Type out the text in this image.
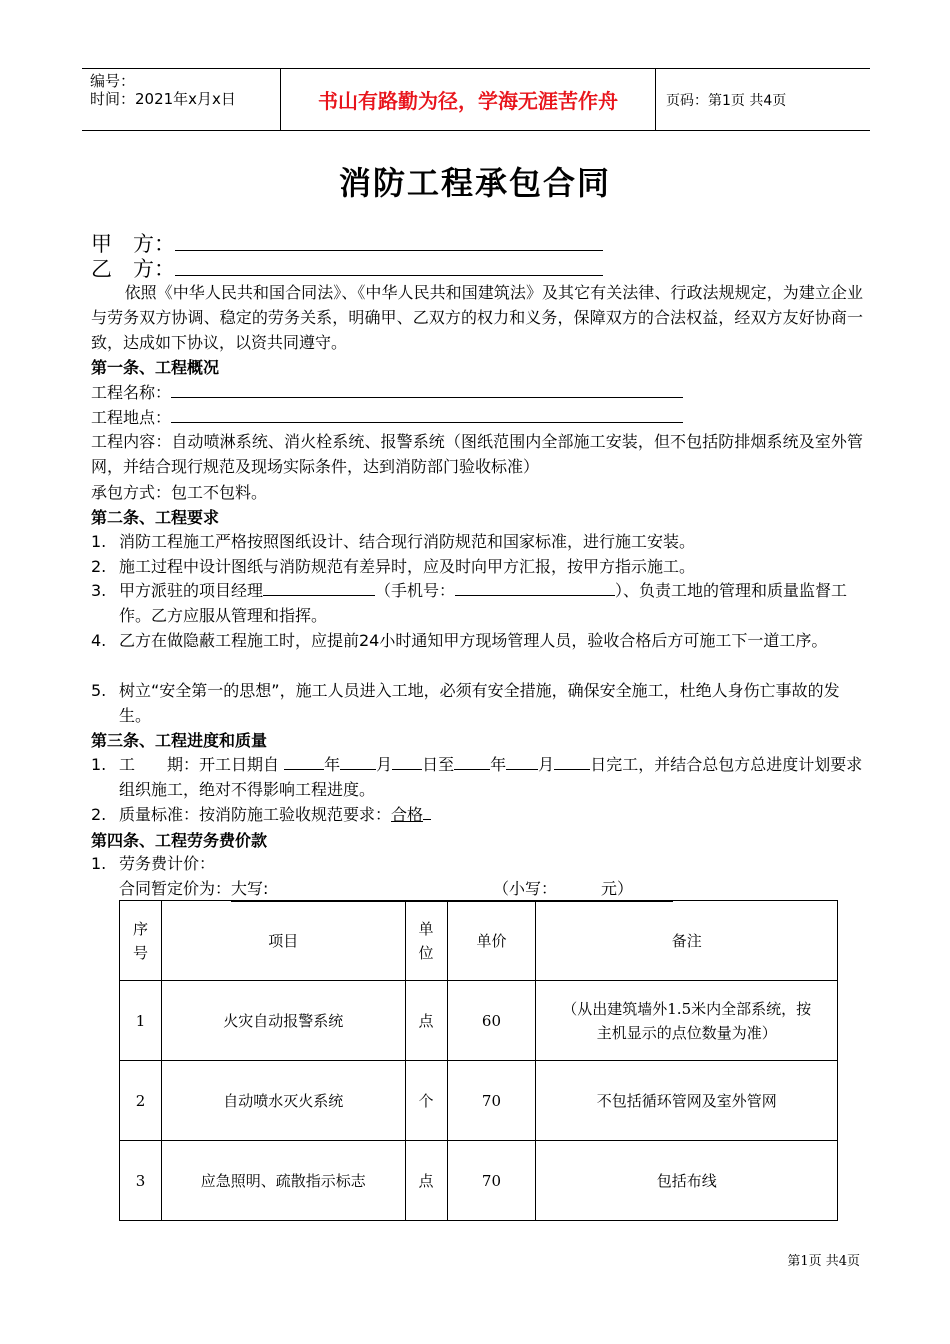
编号：
时间：2021年x月x日	书山有路勤为径，学海无涯苦作舟	页码：第1页 共4页
消防工程承包合同
甲　方：
乙　方：
依照《中华人民共和国合同法》、《中华人民共和国建筑法》及其它有关法律、行政法规规定，为建立企业与劳务双方协调、稳定的劳务关系，明确甲、乙双方的权力和义务，保障双方的合法权益，经双方友好协商一致，达成如下协议，以资共同遵守。
第一条、工程概况
工程名称：
工程地点：
工程内容：自动喷淋系统、消火栓系统、报警系统（图纸范围内全部施工安装，但不包括防排烟系统及室外管网，并结合现行规范及现场实际条件，达到消防部门验收标准）
承包方式：包工不包料。
第二条、工程要求
1. 消防工程施工严格按照图纸设计、结合现行消防规范和国家标准，进行施工安装。
2. 施工过程中设计图纸与消防规范有差异时，应及时向甲方汇报，按甲方指示施工。
3. 甲方派驻的项目经理	（手机号：	）、负责工地的管理和质量监督工作。乙方应服从管理和指挥。
4. 乙方在做隐蔽工程施工时，应提前24小时通知甲方现场管理人员，验收合格后方可施工下一道工序。
5. 树立“安全第一的思想”，施工人员进入工地，必须有安全措施，确保安全施工，杜绝人身伤亡事故的发生。
第三条、工程进度和质量
1. 工　　期：开工日期自	年 月 日至 年 月 日完工，并结合总包方总进度计划要求组织施工，绝对不得影响工程进度。
2. 质量标准：按消防施工验收规范要求：合格
第四条、工程劳务费价款
1. 劳务费计价：
合同暂定价为：大写:	（小写：	元）
序号	项目	单位	单价	备注
1	火灾自动报警系统	点	60	（从出建筑墙外1.5米内全部系统，按主机显示的点位数量为准）

2	自动喷水灭火系统	个	70	不包括循环管网及室外管网
3	应急照明、疏散指示标志	点	70	包括布线
第1页 共4页
